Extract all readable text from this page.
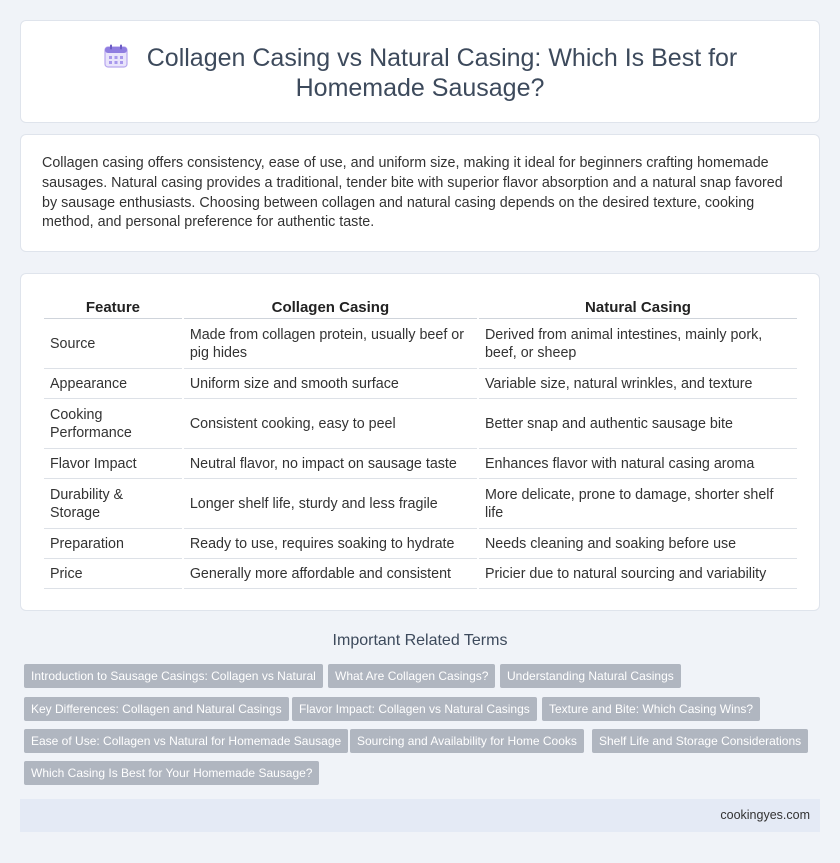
Collagen Casing vs Natural Casing: Which Is Best for Homemade Sausage?

Collagen casing offers consistency, ease of use, and uniform size, making it ideal for beginners crafting homemade sausages. Natural casing provides a traditional, tender bite with superior flavor absorption and a natural snap favored by sausage enthusiasts. Choosing between collagen and natural casing depends on the desired texture, cooking method, and personal preference for authentic taste.

Feature	Collagen Casing	Natural Casing
Source	Made from collagen protein, usually beef or pig hides	Derived from animal intestines, mainly pork, beef, or sheep
Appearance	Uniform size and smooth surface	Variable size, natural wrinkles, and texture
Cooking Performance	Consistent cooking, easy to peel	Better snap and authentic sausage bite
Flavor Impact	Neutral flavor, no impact on sausage taste	Enhances flavor with natural casing aroma
Durability & Storage	Longer shelf life, sturdy and less fragile	More delicate, prone to damage, shorter shelf life
Preparation	Ready to use, requires soaking to hydrate	Needs cleaning and soaking before use
Price	Generally more affordable and consistent	Pricier due to natural sourcing and variability
Important Related Terms
Introduction to Sausage Casings: Collagen vs Natural	What Are Collagen Casings?	Understanding Natural Casings
Key Differences: Collagen and Natural Casings	Flavor Impact: Collagen vs Natural Casings	Texture and Bite: Which Casing Wins?
Ease of Use: Collagen vs Natural for Homemade Sausage	Sourcing and Availability for Home Cooks	Shelf Life and Storage Considerations
Which Casing Is Best for Your Homemade Sausage?
cookingyes.com
